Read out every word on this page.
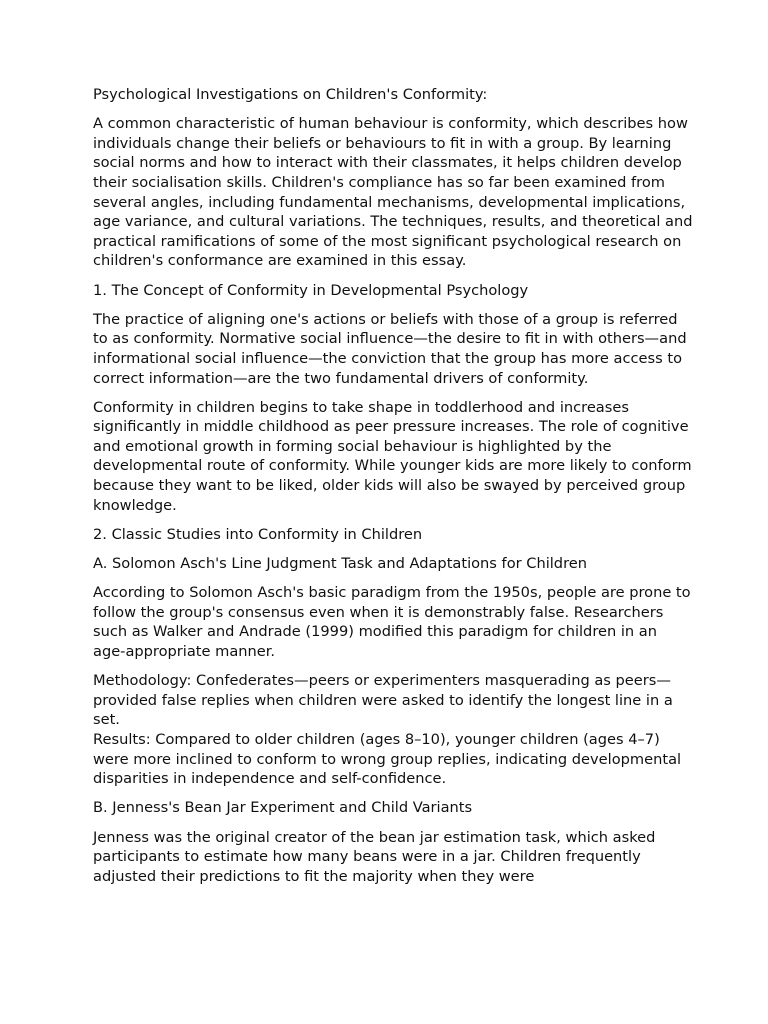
Psychological Investigations on Children's Conformity:

A common characteristic of human behaviour is conformity, which describes how individuals change their beliefs or behaviours to fit in with a group. By learning social norms and how to interact with their classmates, it helps children develop their socialisation skills. Children's compliance has so far been examined from several angles, including fundamental mechanisms, developmental implications, age variance, and cultural variations. The techniques, results, and theoretical and practical ramifications of some of the most significant psychological research on children's conformance are examined in this essay.

1. The Concept of Conformity in Developmental Psychology

The practice of aligning one's actions or beliefs with those of a group is referred to as conformity. Normative social influence—the desire to fit in with others—and informational social influence—the conviction that the group has more access to correct information—are the two fundamental drivers of conformity.

Conformity in children begins to take shape in toddlerhood and increases significantly in middle childhood as peer pressure increases. The role of cognitive and emotional growth in forming social behaviour is highlighted by the developmental route of conformity. While younger kids are more likely to conform because they want to be liked, older kids will also be swayed by perceived group knowledge.

2. Classic Studies into Conformity in Children

A. Solomon Asch's Line Judgment Task and Adaptations for Children

According to Solomon Asch's basic paradigm from the 1950s, people are prone to follow the group's consensus even when it is demonstrably false. Researchers such as Walker and Andrade (1999) modified this paradigm for children in an age-appropriate manner.

Methodology: Confederates—peers or experimenters masquerading as peers—provided false replies when children were asked to identify the longest line in a set.

Results: Compared to older children (ages 8–10), younger children (ages 4–7) were more inclined to conform to wrong group replies, indicating developmental disparities in independence and self-confidence.

B. Jenness's Bean Jar Experiment and Child Variants

Jenness was the original creator of the bean jar estimation task, which asked participants to estimate how many beans were in a jar. Children frequently adjusted their predictions to fit the majority when they were
